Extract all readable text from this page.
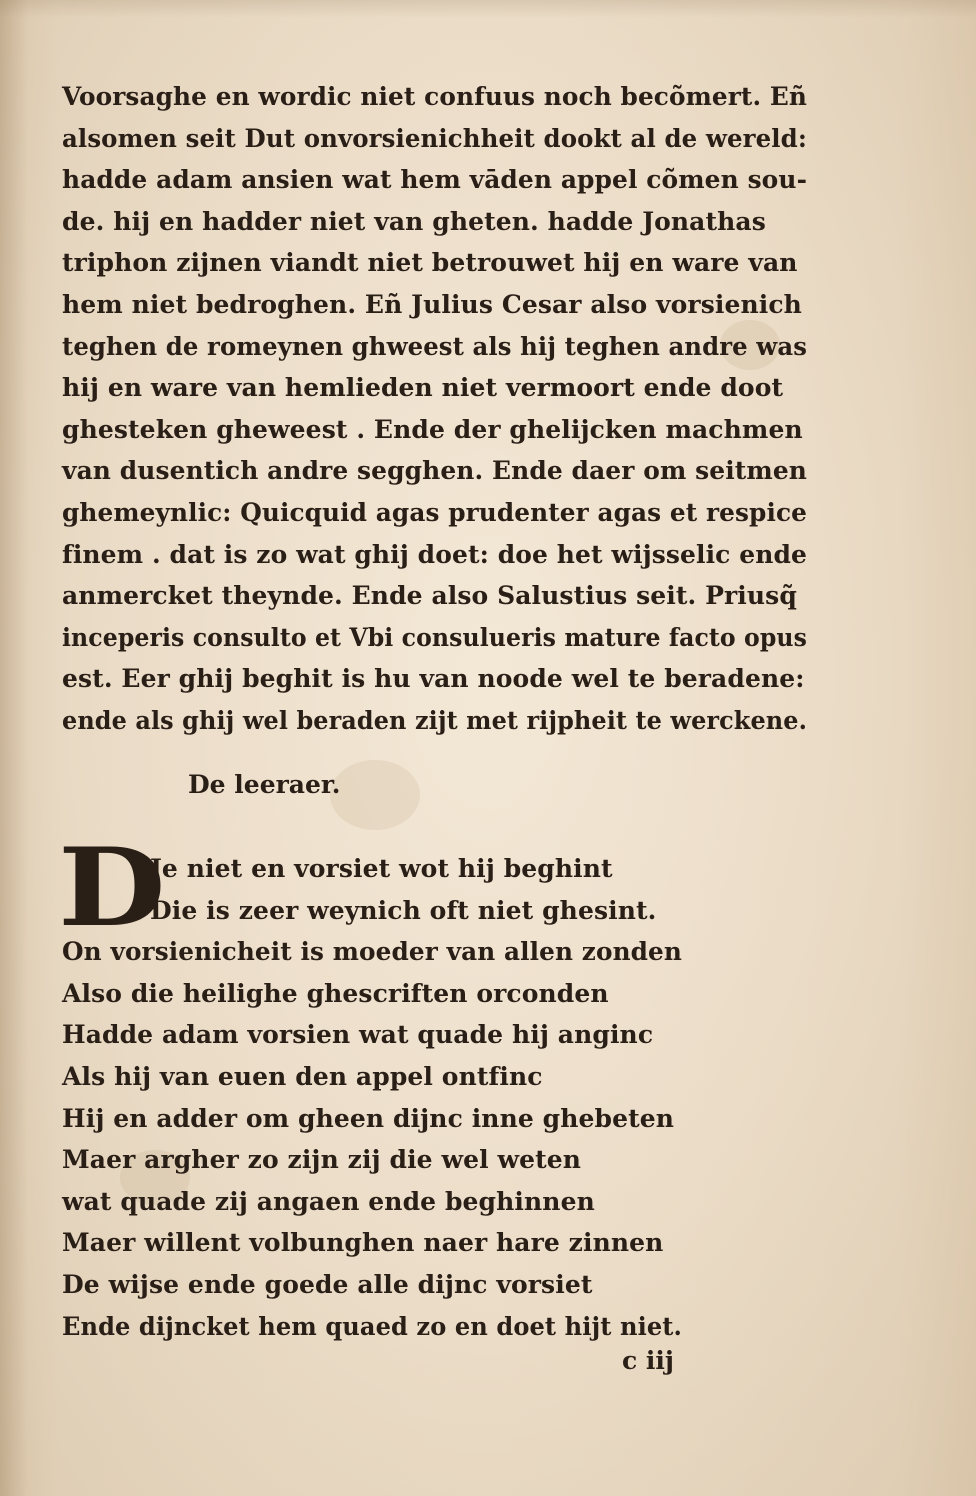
Voorsaghe en wordic niet confuus noch becõmert. Eñ
alsomen seit Dut onvorsienichheit dookt al de wereld:
hadde adam ansien wat hem vāden appel cõmen sou-
de. hij en hadder niet van gheten. hadde Jonathas
triphon zijnen viandt niet betrouwet hij en ware van
hem niet bedroghen. Eñ Julius Cesar also vorsienich
teghen de romeynen ghweest als hij teghen andre was
hij en ware van hemlieden niet vermoort ende doot
ghesteken gheweest . Ende der ghelijcken machmen
van dusentich andre segghen. Ende daer om seitmen
ghemeynlic: Quicquid agas prudenter agas et respice
finem . dat is zo wat ghij doet: doe het wijsselic ende
anmercket theynde. Ende also Salustius seit. Priusq̃
inceperis consulto et Vbi consulueris mature facto opus
est. Eer ghij beghit is hu van noode wel te beradene:
ende als ghij wel beraden zijt met rijpheit te werckene.
De leeraer.
D
Je niet en vorsiet wot hij beghint
Die is zeer weynich oft niet ghesint.
On vorsienicheit is moeder van allen zonden
Also die heilighe ghescriften orconden
Hadde adam vorsien wat quade hij anginc
Als hij van euen den appel ontfinc
Hij en adder om gheen dijnc inne ghebeten
Maer argher zo zijn zij die wel weten
wat quade zij angaen ende beghinnen
Maer willent volbunghen naer hare zinnen
De wijse ende goede alle dijnc vorsiet
Ende dijncket hem quaed zo en doet hijt niet.
c iij
